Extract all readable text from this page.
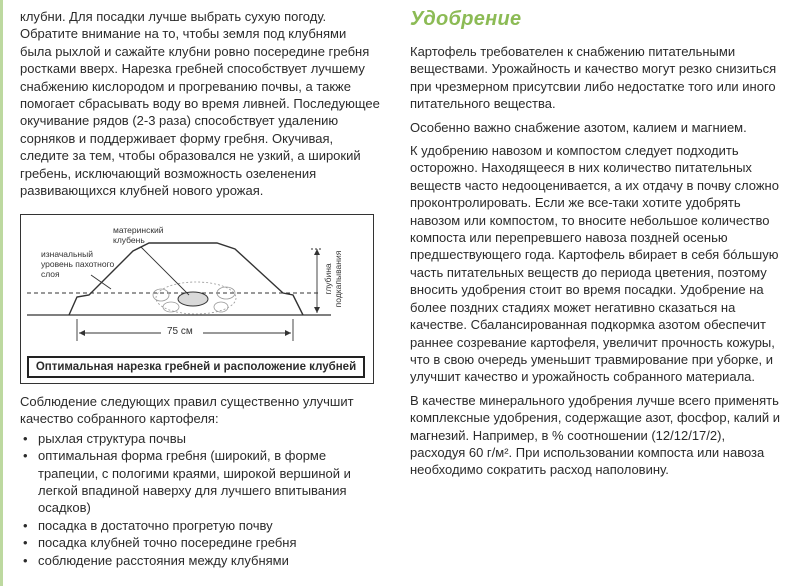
клубни. Для посадки лучше выбрать сухую погоду. Обратите внимание на то, чтобы земля под клубнями была рыхлой и сажайте клубни ровно посередине гребня ростками вверх. Нарезка гребней способствует лучшему снабжению кислородом и прогреванию почвы, а также помогает сбрасывать воду во время ливней. Последующее окучивание рядов (2-3 раза) способствует удалению сорняков и поддерживает форму гребня. Окучивая, следите за тем, чтобы образовался не узкий, а широкий гребень, исключающий возможность озеленения развивающихся клубней нового урожая.

материнский клубень
изначальный уровень пахотного слоя	глубина подкапывания
75 см
Оптимальная нарезка гребней и расположение клубней

Соблюдение следующих правил существенно улучшит качество собранного картофеля:

• рыхлая структура почвы
• оптимальная форма гребня (широкий, в форме трапеции, с пологими краями, широкой вершиной и легкой впадиной наверху для лучшего впитывания осадков)
• посадка в достаточно прогретую почву
• посадка клубней точно посередине гребня
• соблюдение расстояния между клубнями
Удобрение

Картофель требователен к снабжению питательными веществами. Урожайность и качество могут резко снизиться при чрезмерном присутсвии либо недостатке того или иного питательного вещества.

Особенно важно снабжение азотом, калием и магнием.

К удобрению навозом и компостом следует подходить осторожно. Находящееся в них количество питательных веществ часто недооценивается, а их отдачу в почву сложно проконтролировать. Если же все-таки хотите удобрять навозом или компостом, то вносите небольшое количество компоста или перепревшего навоза поздней осенью предшествующего года. Картофель вбирает в себя бóльшую часть питательных веществ до периода цветения, поэтому вносить удобрения стоит во время посадки. Удобрение на более поздних стадиях может негативно сказаться на качестве. Сбалансированная подкормка азотом обеспечит раннее созревание картофеля, увеличит прочность кожуры, что в свою очередь уменьшит травмирование при уборке, и улучшит качество и урожайность собранного материала.

В качестве минерального удобрения лучше всего применять комплексные удобрения, содержащие азот, фосфор, калий и магнезий. Например, в % соотношении (12/12/17/2), расходуя 60 г/м². При использовании компоста или навоза необходимо сократить расход наполовину.
